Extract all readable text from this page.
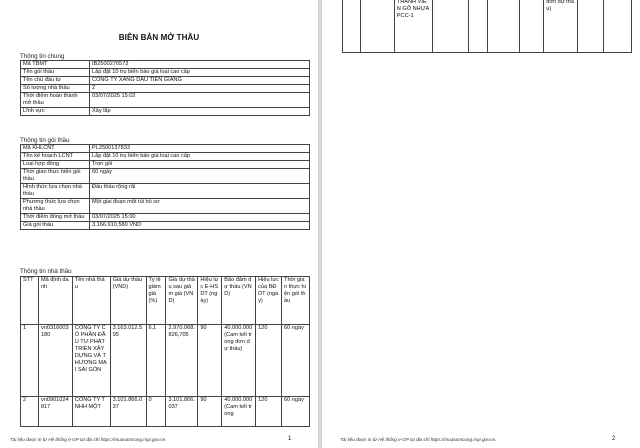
BIÊN BẢN MỞ THẦU
Thông tin chung
Mã TBMT	IB2500276573
Tên gói thầu	Lắp đặt 10 trụ biển báo giá loại cao cấp
Tên chủ đầu tư	CÔNG TY XĂNG DẦU TIỀN GIANG
Số lượng nhà thầu	2
Thời điểm hoàn thành mở thầu	03/07/2025 15:02
Lĩnh vực	Xây lắp
Thông tin gói thầu
Mã KHLCNT	PL2500137833
Tên kế hoạch LCNT	Lắp đặt 10 trụ biển báo giá loại cao cấp
Loại hợp đồng	Trọn gói
Thời gian thực hiện gói thầu	60 ngày
Hình thức lựa chọn nhà thầu	Đấu thầu rộng rãi
Phương thức lựa chọn nhà thầu	Một giai đoạn một túi hồ sơ
Thời điểm đóng mở thầu	03/07/2025 15:00
Giá gói thầu	3.166.910.580 VND
Thông tin nhà thầu
STT	Mã định danh	Tên nhà thầu	Giá dự thầu (VND)	Tỷ lệ giảm giá (%)	Giá dự thầu sau giảm giá (VND)	Hiệu lực E-HSDT (ngày)	Bảo đảm dự thầu (VND)	Hiệu lực của BĐ DT (ngày)	Thời gian thực hiện gói thầu
1	vn0316003180	CÔNG TY CỔ PHẦN ĐẦU TƯ PHÁT TRIỂN XÂY DỰNG VÀ THƯƠNG MẠI SÀI GÒN	3.163.012.595	6,1	2.970.068.826,705	90	40.000.000 (Cam kết trong đơn dự thầu)	120	60 ngày
2	vn0901024817	CÔNG TY TNHH MỘT	3.101.866.037	0	3.101.866.037	90	40.000.000 (Cam kết trong	120	60 ngày
Tài liệu được in từ Hệ thống e-GP tại địa chỉ https://muasamcong.mpi.gov.vn.	1
		THÀNH VIÊN GỖ NHỰA PCC-1					đơn dự thầu)		
Tài liệu được in từ Hệ thống e-GP tại địa chỉ https://muasamcong.mpi.gov.vn.	2
